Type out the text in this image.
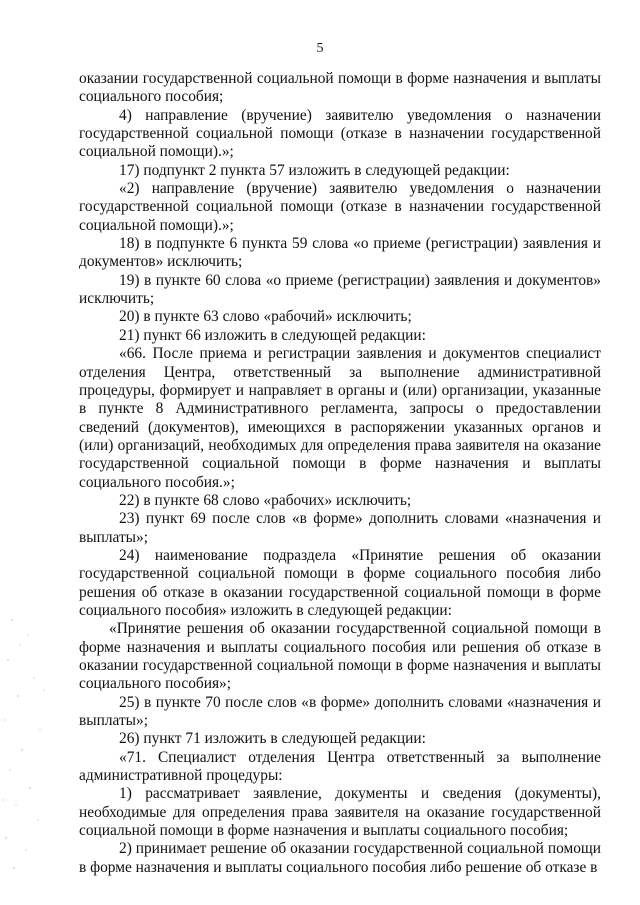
5

оказании государственной социальной помощи в форме назначения и выплаты социального пособия;

4) направление (вручение) заявителю уведомления о назначении государственной социальной помощи (отказе в назначении государственной социальной помощи).»;

17) подпункт 2 пункта 57 изложить в следующей редакции:

«2) направление (вручение) заявителю уведомления о назначении государственной социальной помощи (отказе в назначении государственной социальной помощи).»;

18) в подпункте 6 пункта 59 слова «о приеме (регистрации) заявления и документов» исключить;

19) в пункте 60 слова «о приеме (регистрации) заявления и документов» исключить;

20) в пункте 63 слово «рабочий» исключить;

21) пункт 66 изложить в следующей редакции:

«66. После приема и регистрации заявления и документов специалист отделения Центра, ответственный за выполнение административной процедуры, формирует и направляет в органы и (или) организации, указанные в пункте 8 Административного регламента, запросы о предоставлении сведений (документов), имеющихся в распоряжении указанных органов и (или) организаций, необходимых для определения права заявителя на оказание государственной социальной помощи в форме назначения и выплаты социального пособия.»;

22) в пункте 68 слово «рабочих» исключить;

23) пункт 69 после слов «в форме» дополнить словами «назначения и выплаты»;

24) наименование подраздела «Принятие решения об оказании государственной социальной помощи в форме социального пособия либо решения об отказе в оказании государственной социальной помощи в форме социального пособия» изложить в следующей редакции:

«Принятие решения об оказании государственной социальной помощи в форме назначения и выплаты социального пособия или решения об отказе в оказании государственной социальной помощи в форме назначения и выплаты социального пособия»;

25) в пункте 70 после слов «в форме» дополнить словами «назначения и выплаты»;

26) пункт 71 изложить в следующей редакции:

«71. Специалист отделения Центра ответственный за выполнение административной процедуры:

1) рассматривает заявление, документы и сведения (документы), необходимые для определения права заявителя на оказание государственной социальной помощи в форме назначения и выплаты социального пособия;

2) принимает решение об оказании государственной социальной помощи в форме назначения и выплаты социального пособия либо решение об отказе в
